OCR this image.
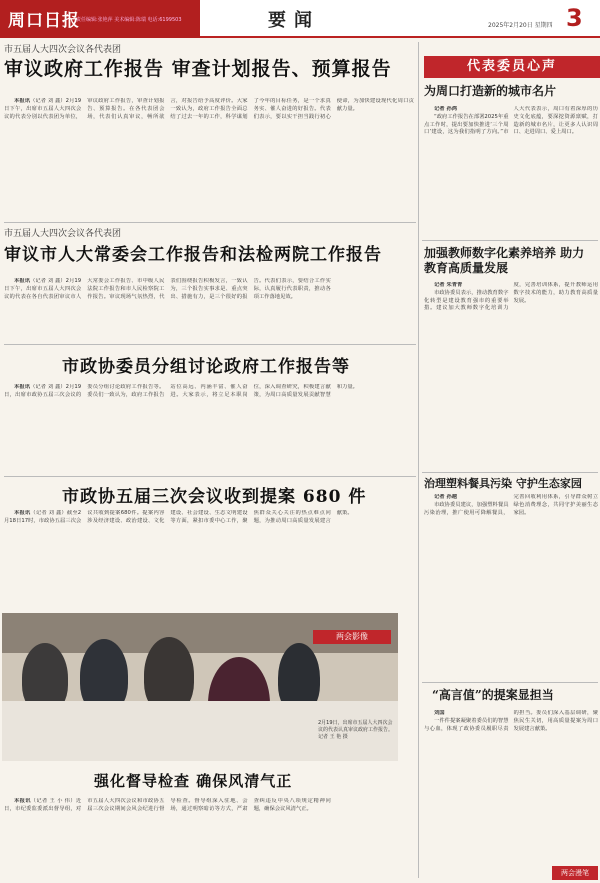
周口日报
责任编辑:张艳萍 美术编辑:陈瑞 电话:6199503	要闻	2025年2月20日 星期四 3
市五届人大四次会议各代表团
审议政府工作报告 审查计划报告、预算报告

本报讯（记者 刘 鑫）2月19日下午，出席市五届人大四次会议的代表分别以代表团为单位，审议政府工作报告，审查计划报告、预算报告。在各代表团会场，代表们认真审议，畅所欲言，对报告给予高度评价。大家一致认为，政府工作报告全面总结了过去一年的工作，科学谋划了今年的目标任务，是一个求真务实、催人奋进的好报告。代表们表示，要以实干担当践行初心使命，为加快建设现代化周口贡献力量。

市五届人大四次会议各代表团
审议市人大常委会工作报告和法检两院工作报告

本报讯（记者 刘 鑫）2月19日下午，出席市五届人大四次会议的代表在各自代表团审议市人大常委会工作报告、市中级人民法院工作报告和市人民检察院工作报告。审议现场气氛热烈，代表们围绕报告积极发言，一致认为，三个报告实事求是、重点突出、措施有力，是三个很好的报告。代表们表示，要结合工作实际，认真履行代表职责，推动各项工作落地见效。

市政协委员分组讨论政府工作报告等

本报讯（记者 刘 鑫）2月19日，出席市政协五届三次会议的委员分组讨论政府工作报告等。委员们一致认为，政府工作报告站位高远、内涵丰富、催人奋进。大家表示，将立足本职岗位，深入调查研究，积极建言献策，为周口高质量发展贡献智慧和力量。

市政协五届三次会议收到提案 680 件

本报讯（记者 刘 鑫）截至2月18日17时，市政协五届三次会议共收到提案680件。提案内容涉及经济建设、政治建设、文化建设、社会建设、生态文明建设等方面，紧扣市委中心工作，聚焦群众关心关注的热点难点问题，为推动周口高质量发展建言献策。

两会影像
2月19日，出席市五届人大四次会议的代表认真审议政府工作报告。记者 王 艳 摄
强化督导检查 确保风清气正

本报讯（记者 王 小 伟）近日，市纪委监委派出督导组，对市五届人大四次会议和市政协五届三次会议期间会风会纪进行督导检查。督导组深入驻地、会场，通过明察暗访等方式，严肃查纠违反中央八项规定精神问题，确保会议风清气正。

代表委员心声
为周口打造新的城市名片

记者 孙鸿

“政府工作报告在部署2025年重点工作时，提出要加快推进‘三个周口’建设，这为我们指明了方向。”市人大代表表示，周口有着深厚的历史文化底蕴，要深挖资源禀赋，打造新的城市名片，让更多人认识周口、走进周口、爱上周口。

加强教师数字化素养培养 助力教育高质量发展

记者 朱青青

市政协委员表示，推动教育数字化转型是建设教育强市的重要举措。建议加大教师数字化培训力度，完善培训体系，提升教师运用数字技术的能力，助力教育高质量发展。

治理塑料餐具污染 守护生态家园

记者 孙越

市政协委员建议，加强塑料餐具污染治理，推广使用可降解餐具，完善回收利用体系，引导群众树立绿色消费理念，共同守护美丽生态家园。

“高言值”的提案显担当

刘国

一件件提案凝聚着委员们的智慧与心血，体现了政协委员履职尽责的担当。委员们深入基层调研，聚焦民生关切，用高质量提案为周口发展建言献策。

两会漫笔
